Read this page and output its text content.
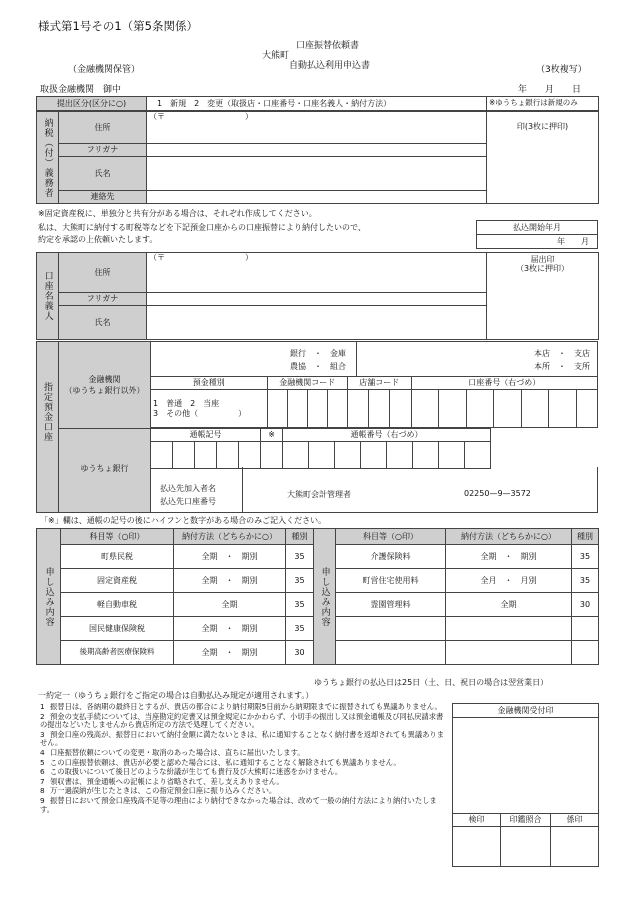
様式第1号その1（第5条関係）
大熊町
口座振替依頼書
自動払込利用申込書
（金融機関保管）	（3枚複写）
取扱金融機関　御中	年　　月　　日
提出区分(区分に○)	1　新規　2　変更（取扱店・口座番号・口座名義人・納付方法）	※ゆうちょ銀行は新規のみ
納税（付）義務者	住所	（〒　　　　　　　　　　）	印(3枚に押印)
	フリガナ		
	氏名		
	連絡先		
※固定資産税に、単独分と共有分がある場合は、それぞれ作成してください。
私は、大熊町に納付する町税等などを下記預金口座からの口座振替により納付したいので、
約定を承認の上依頼いたします。
払込開始年月
年　　月
口座名義人	住所	（〒　　　　　　　　　　）	届出印
（3枚に押印）

	フリガナ		
	氏名		
指定預金口座
金融機関
（ゆうちょ銀行以外）
銀行　・　金庫
農協　・　組合
本店　・　支店
本所　・　支所
預金種別	金融機関コード				店舗コード			口座番号（右づめ）						

1　普通　2　当座
3　その他（　　　　　）														

ゆうちょ銀行
通帳記号					※	通帳番号（右づめ）								

払込先加入者名
払込先口座番号
大熊町会計管理者	02250—9—3572
「※」欄は、通帳の記号の後にハイフンと数字がある場合のみご記入ください。
申し込み内容	科目等（○印）	納付方法（どちらかに○）	種別	申し込み内容	科目等（○印）	納付方法（どちらかに○）	種別
	町県民税	全期　・　期別	35		介護保険料	全期　・　期別	35
	固定資産税	全期　・　期別	35		町営住宅使用料	全月　・　月別	35
	軽自動車税	全期	35		霊園管理料	全期	30
	国民健康保険税	全期　・　期別	35				
	後期高齢者医療保険料	全期　・　期別	30				
ゆうちょ銀行の払込日は25日（土、日、祝日の場合は翌営業日）
一約定一（ゆうちょ銀行をご指定の場合は自動払込み規定が適用されます。）
1 振替日は、各納期の最終日とするが、貴店の都合により納付期限5日前から納期限までに振替されても異議ありません。
2 預金の支払手続については、当座勘定約定書又は預金規定にかかわらず、小切手の振出し又は預金通帳及び同払戻請求書の提出などいたしませんから貴店所定の方法で処理してください。
3 預金口座の残高が、振替日において納付金額に満たないときは、私に通知することなく納付書を返却されても異議ありません。
4 口座振替依頼についての変更・取消のあった場合は、直ちに届出いたします。
5 この口座振替依頼は、貴店が必要と認めた場合には、私に通知することなく解除されても異議ありません。
6 この取扱いについて後日どのような紛議が生じても貴行及び大熊町に迷惑をかけません。
7 領収書は、預金通帳への記帳により省略されて、差し支えありません。
8 万一過誤納が生じたときは、この指定預金口座に振り込みください。
9 振替日において預金口座残高不足等の理由により納付できなかった場合は、改めて一般の納付方法により納付いたします。
金融機関受付印		

検印	印鑑照合	係印
